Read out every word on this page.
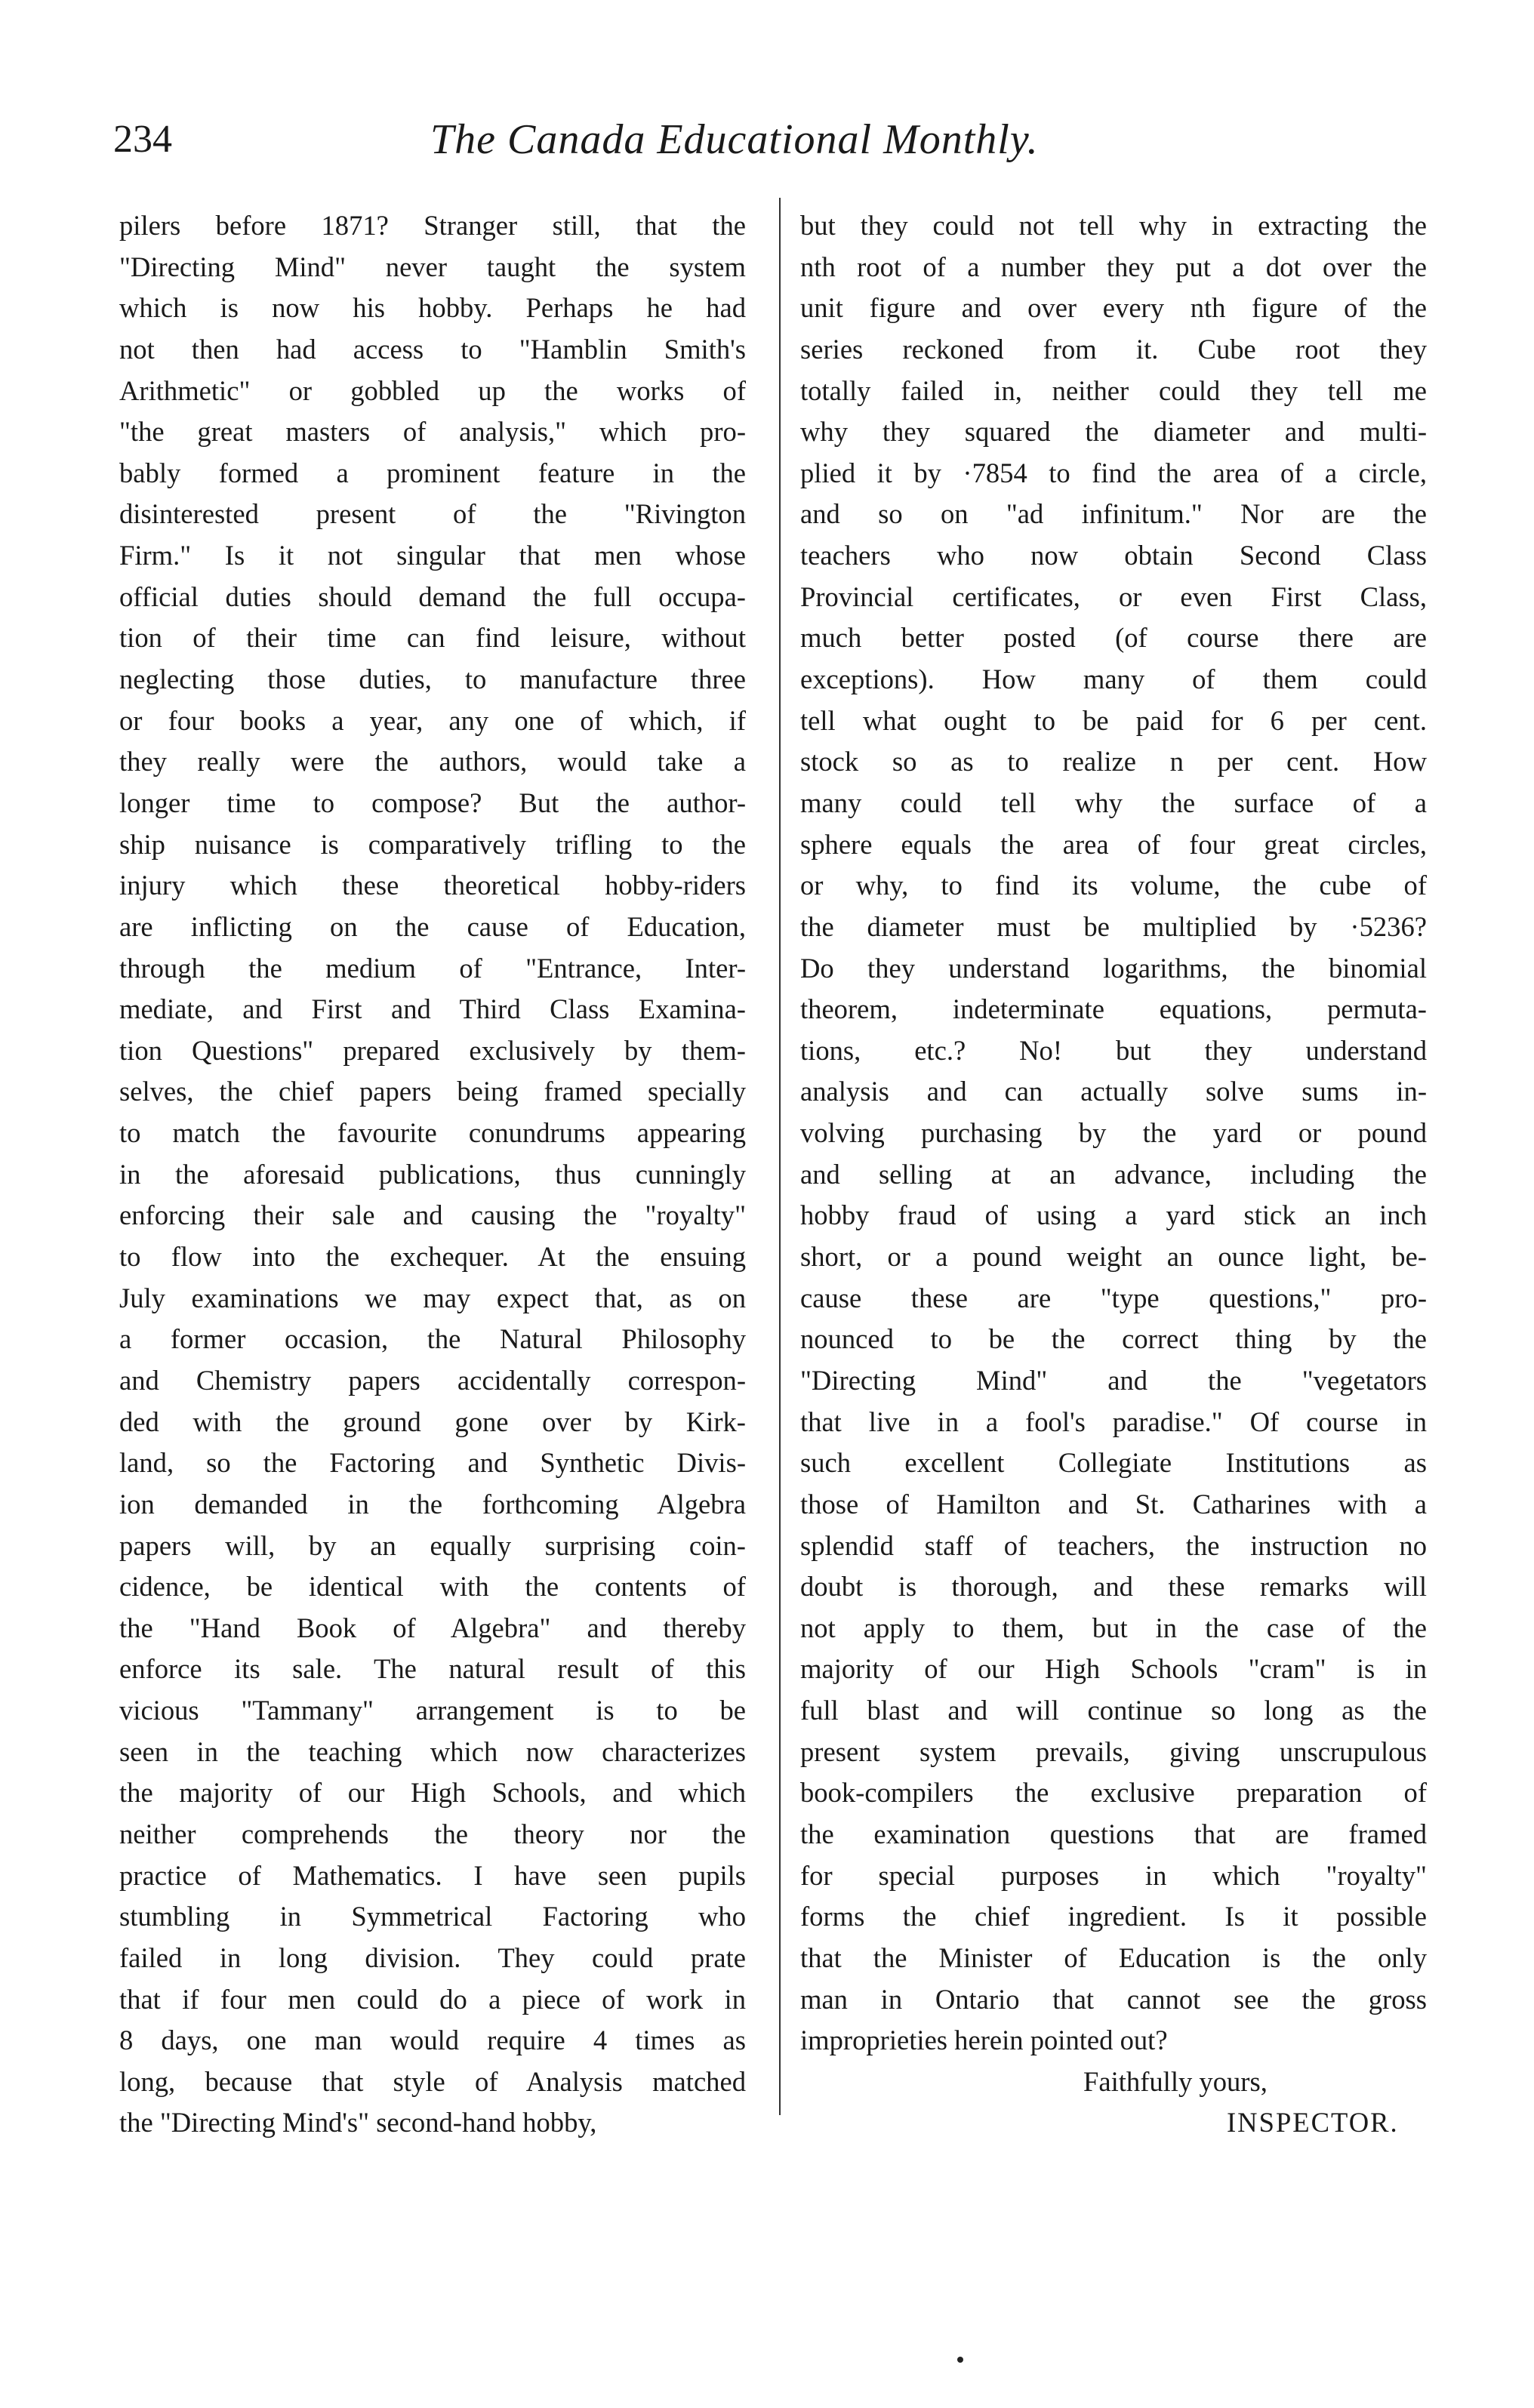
234	The Canada Educational Monthly.
pilers before 1871? Stranger still, that the
"Directing Mind" never taught the system
which is now his hobby. Perhaps he had
not then had access to "Hamblin Smith's
Arithmetic" or gobbled up the works of
"the great masters of analysis," which pro-
bably formed a prominent feature in the
disinterested present of the "Rivington
Firm." Is it not singular that men whose
official duties should demand the full occupa-
tion of their time can find leisure, without
neglecting those duties, to manufacture three
or four books a year, any one of which, if
they really were the authors, would take a
longer time to compose? But the author-
ship nuisance is comparatively trifling to the
injury which these theoretical hobby-riders
are inflicting on the cause of Education,
through the medium of "Entrance, Inter-
mediate, and First and Third Class Examina-
tion Questions" prepared exclusively by them-
selves, the chief papers being framed specially
to match the favourite conundrums appearing
in the aforesaid publications, thus cunningly
enforcing their sale and causing the "royalty"
to flow into the exchequer. At the ensuing
July examinations we may expect that, as on
a former occasion, the Natural Philosophy
and Chemistry papers accidentally correspon-
ded with the ground gone over by Kirk-
land, so the Factoring and Synthetic Divis-
ion demanded in the forthcoming Algebra
papers will, by an equally surprising coin-
cidence, be identical with the contents of
the "Hand Book of Algebra" and thereby
enforce its sale. The natural result of this
vicious "Tammany" arrangement is to be
seen in the teaching which now characterizes
the majority of our High Schools, and which
neither comprehends the theory nor the
practice of Mathematics. I have seen pupils
stumbling in Symmetrical Factoring who
failed in long division. They could prate
that if four men could do a piece of work in
8 days, one man would require 4 times as
long, because that style of Analysis matched
the "Directing Mind's" second-hand hobby,
but they could not tell why in extracting the
nth root of a number they put a dot over the
unit figure and over every nth figure of the
series reckoned from it. Cube root they
totally failed in, neither could they tell me
why they squared the diameter and multi-
plied it by ·7854 to find the area of a circle,
and so on "ad infinitum." Nor are the
teachers who now obtain Second Class
Provincial certificates, or even First Class,
much better posted (of course there are
exceptions). How many of them could
tell what ought to be paid for 6 per cent.
stock so as to realize n per cent. How
many could tell why the surface of a
sphere equals the area of four great circles,
or why, to find its volume, the cube of
the diameter must be multiplied by ·5236?
Do they understand logarithms, the binomial
theorem, indeterminate equations, permuta-
tions, etc.? No! but they understand
analysis and can actually solve sums in-
volving purchasing by the yard or pound
and selling at an advance, including the
hobby fraud of using a yard stick an inch
short, or a pound weight an ounce light, be-
cause these are "type questions," pro-
nounced to be the correct thing by the
"Directing Mind" and the "vegetators
that live in a fool's paradise." Of course in
such excellent Collegiate Institutions as
those of Hamilton and St. Catharines with a
splendid staff of teachers, the instruction no
doubt is thorough, and these remarks will
not apply to them, but in the case of the
majority of our High Schools "cram" is in
full blast and will continue so long as the
present system prevails, giving unscrupulous
book-compilers the exclusive preparation of
the examination questions that are framed
for special purposes in which "royalty"
forms the chief ingredient. Is it possible
that the Minister of Education is the only
man in Ontario that cannot see the gross
improprieties herein pointed out?
Faithfully yours,
INSPECTOR.
